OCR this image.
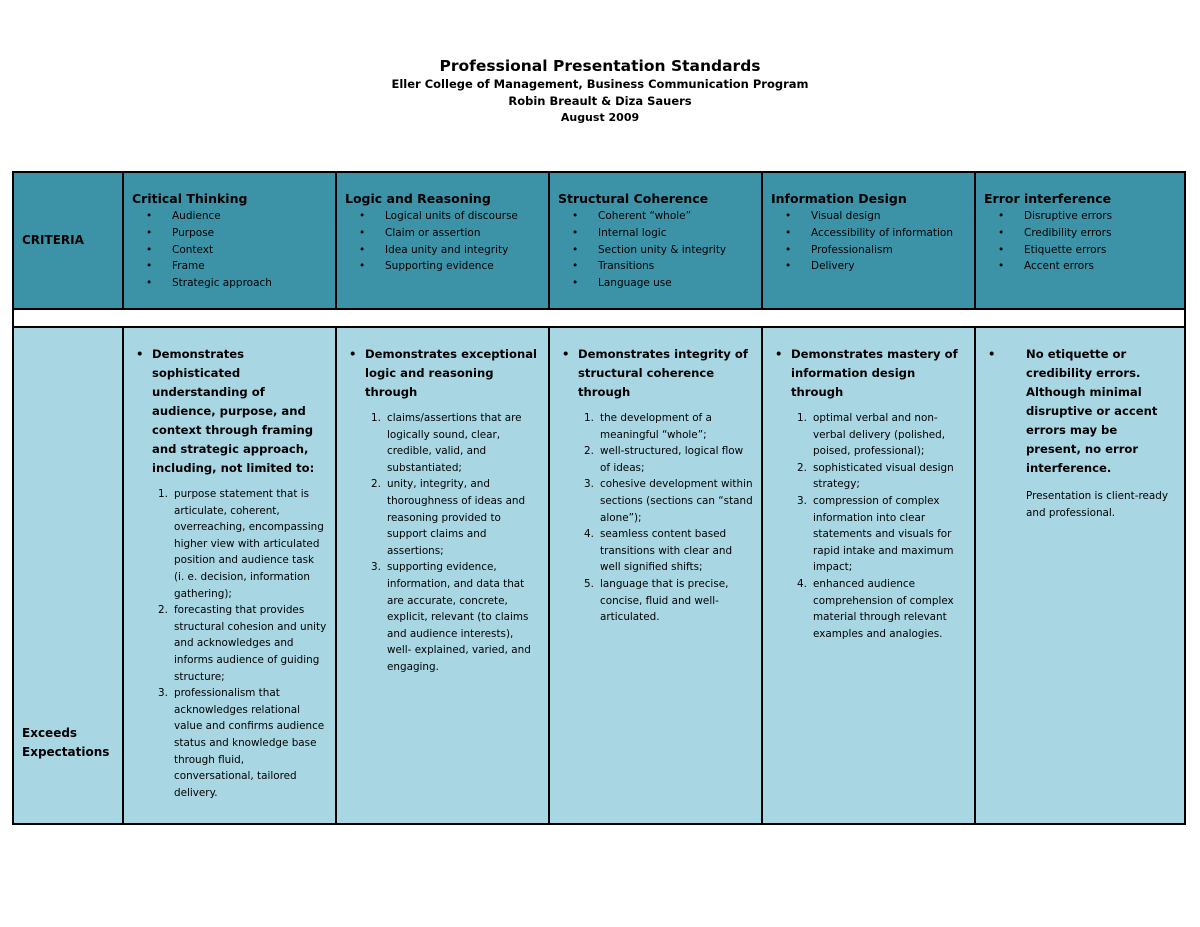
Professional Presentation Standards
Eller College of Management, Business Communication Program
Robin Breault & Diza Sauers
August 2009
CRITERIA
Critical Thinking
• Audience
• Purpose
• Context
• Frame
• Strategic approach
Logic and Reasoning
• Logical units of discourse
• Claim or assertion
• Idea unity and integrity
• Supporting evidence
Structural Coherence
• Coherent “whole”
• Internal logic
• Section unity & integrity
• Transitions
• Language use
Information Design
• Visual design
• Accessibility of information
• Professionalism
• Delivery
Error interference
• Disruptive errors
• Credibility errors
• Etiquette errors
• Accent errors
Exceeds Expectations
• Demonstrates sophisticated understanding of audience, purpose, and context through framing and strategic approach, including, not limited to:
1. purpose statement that is articulate, coherent, overreaching, encompassing higher view with articulated position and audience task (i. e. decision, information gathering);
2. forecasting that provides structural cohesion and unity and acknowledges and informs audience of guiding structure;
3. professionalism that acknowledges relational value and confirms audience status and knowledge base through fluid, conversational, tailored delivery.
• Demonstrates exceptional logic and reasoning through
1. claims/assertions that are logically sound, clear, credible, valid, and substantiated;
2. unity, integrity, and thoroughness of ideas and reasoning provided to support claims and assertions;
3. supporting evidence, information, and data that are accurate, concrete, explicit, relevant (to claims and audience interests), well- explained, varied, and engaging.
• Demonstrates integrity of structural coherence through
1. the development of a meaningful “whole”;
2. well-structured, logical flow of ideas;
3. cohesive development within sections (sections can “stand alone”);
4. seamless content based transitions with clear and well signified shifts;
5. language that is precise, concise, fluid and well-articulated.
• Demonstrates mastery of information design through
1. optimal verbal and non-verbal delivery (polished, poised, professional);
2. sophisticated visual design strategy;
3. compression of complex information into clear statements and visuals for rapid intake and maximum impact;
4. enhanced audience comprehension of complex material through relevant examples and analogies.
• No etiquette or credibility errors. Although minimal disruptive or accent errors may be present, no error interference.
Presentation is client-ready and professional.
